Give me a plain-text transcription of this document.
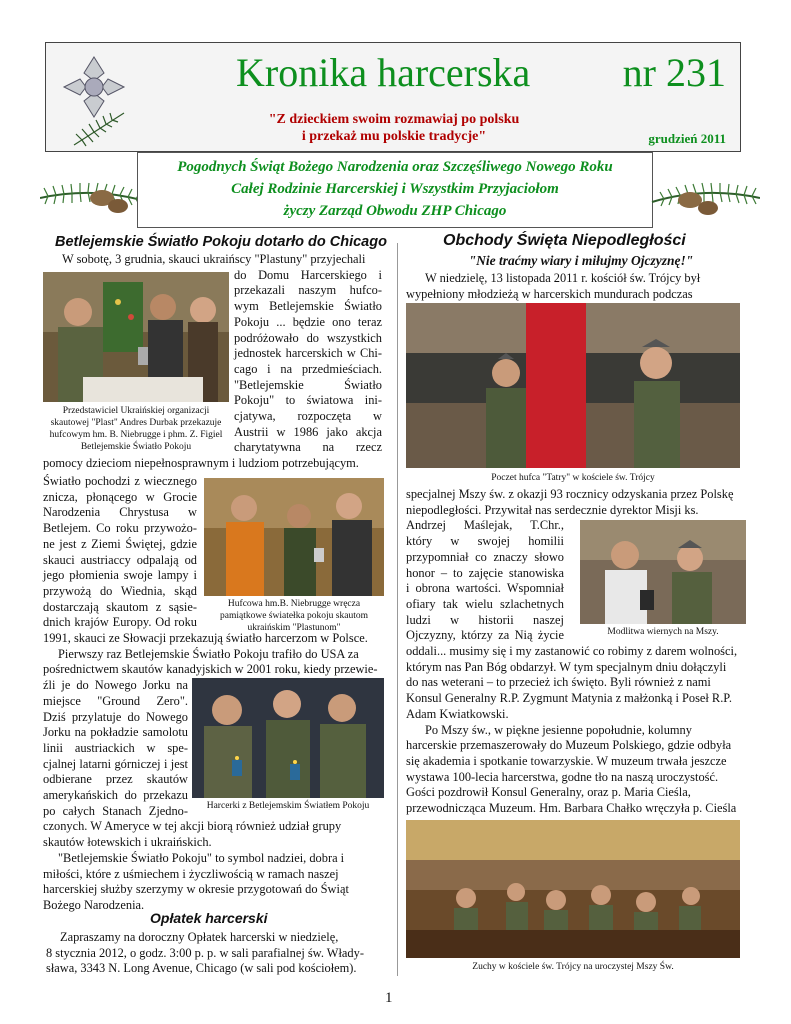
Kronika harcerska nr 231
"Z dzieckiem swoim rozmawiaj po polsku
i przekaż mu polskie tradycje"	grudzień 2011
Pogodnych Świąt Bożego Narodzenia oraz Szczęśliwego Nowego Roku
Całej Rodzinie Harcerskiej i Wszystkim Przyjaciołom
życzy Zarząd Obwodu ZHP Chicago
Betlejemskie Światło Pokoju dotarło do Chicago
W sobotę, 3 grudnia, skauci ukraińscy "Plastuny" przyjechali
do Domu Harcerskiego i
przekazali naszym hufco-
wym Betlejemskie Światło
Pokoju ... będzie ono teraz
podróżowało do wszystkich
jednostek harcerskich w Chi-
cago i na przedmieściach.
"Betlejemskie Światło
Pokoju" to światowa ini-
cjatywa, rozpoczęta w
Austrii w 1986 jako akcja
charytatywna na rzecz
pomocy dzieciom niepełnosprawnym i ludziom potrzebującym.
Przedstawiciel Ukraińskiej organizacji skautowej "Plast" Andres Durbak przekazuje hufcowym hm. B. Niebrugge i phm. Z. Figiel Betlejemskie Światło Pokoju
Światło pochodzi z wiecznego
znicza, płonącego w Grocie
Narodzenia Chrystusa w
Betlejem. Co roku przywożo-
ne jest z Ziemi Świętej, gdzie
skauci austriaccy odpalają od
jego płomienia swoje lampy i
przywożą do Wiednia, skąd
dostarczają skautom z sąsie-
dnich krajów Europy. Od roku
1991, skauci ze Słowacji przekazują światło harcerzom w Polsce.
Pierwszy raz Betlejemskie Światło Pokoju trafiło do USA za
pośrednictwem skautów kanadyjskich w 2001 roku, kiedy przewie-
źli je do Nowego Jorku na
miejsce "Ground Zero".
Dziś przylatuje do Nowego
Jorku na pokładzie samolotu
linii austriackich w spe-
cjalnej latarni górniczej i jest
odbierane przez skautów
amerykańskich do przekazu
po całych Stanach Zjedno-
czonych. W Ameryce w tej akcji biorą również udział grupy
skautów łotewskich i ukraińskich.
"Betlejemskie Światło Pokoju" to symbol nadziei, dobra i
miłości, które z uśmiechem i życzliwością w ramach naszej
harcerskiej służby szerzymy w okresie przygotowań do Świąt
Bożego Narodzenia.
Hufcowa hm.B. Niebrugge wręcza pamiątkowe światełka pokoju skautom ukraińskim "Plastunom"
Harcerki z Betlejemskim Światłem Pokoju
Opłatek harcerski
Zapraszamy na doroczny Opłatek harcerski w niedzielę,
8 stycznia 2012, o godz. 3:00 p. p. w sali parafialnej św. Włady-
sława, 3343 N. Long Avenue, Chicago (w sali pod kościołem).
Obchody Święta Niepodległości
"Nie traćmy wiary i miłujmy Ojczyznę!"
W niedzielę, 13 listopada 2011 r. kościół św. Trójcy był
wypełniony młodzieżą w harcerskich mundurach podczas
Poczet hufca "Tatry" w kościele św. Trójcy
specjalnej Mszy św. z okazji 93 rocznicy odzyskania przez Polskę
niepodległości. Przywitał nas serdecznie dyrektor Misji ks.
Andrzej Maślejak, T.Chr.,
który w swojej homilii
przypomniał co znaczy słowo
honor – to zajęcie stanowiska
i obrona wartości. Wspomniał
ofiary tak wielu szlachetnych
ludzi w historii naszej
Ojczyzny, którzy za Nią życie
oddali... musimy się i my zastanowić co robimy z darem wolności,
którym nas Pan Bóg obdarzył. W tym specjalnym dniu dołączyli
do nas weterani – to przecież ich święto. Byli również z nami
Konsul Generalny R.P. Zygmunt Matynia z małżonką i Poseł R.P.
Adam Kwiatkowski.
Po Mszy św., w piękne jesienne popołudnie, kolumny
harcerskie przemaszerowały do Muzeum Polskiego, gdzie odbyła
się akademia i spotkanie towarzyskie. W muzeum trwała jeszcze
wystawa 100-lecia harcerstwa, godne tło na naszą uroczystość.
Gości pozdrowił Konsul Generalny, oraz p. Maria Cieśla,
przewodnicząca Muzeum. Hm. Barbara Chałko wręczyła p. Cieśla
Modlitwa wiernych na Mszy.
Zuchy w kościele św. Trójcy na uroczystej Mszy Św.
1
